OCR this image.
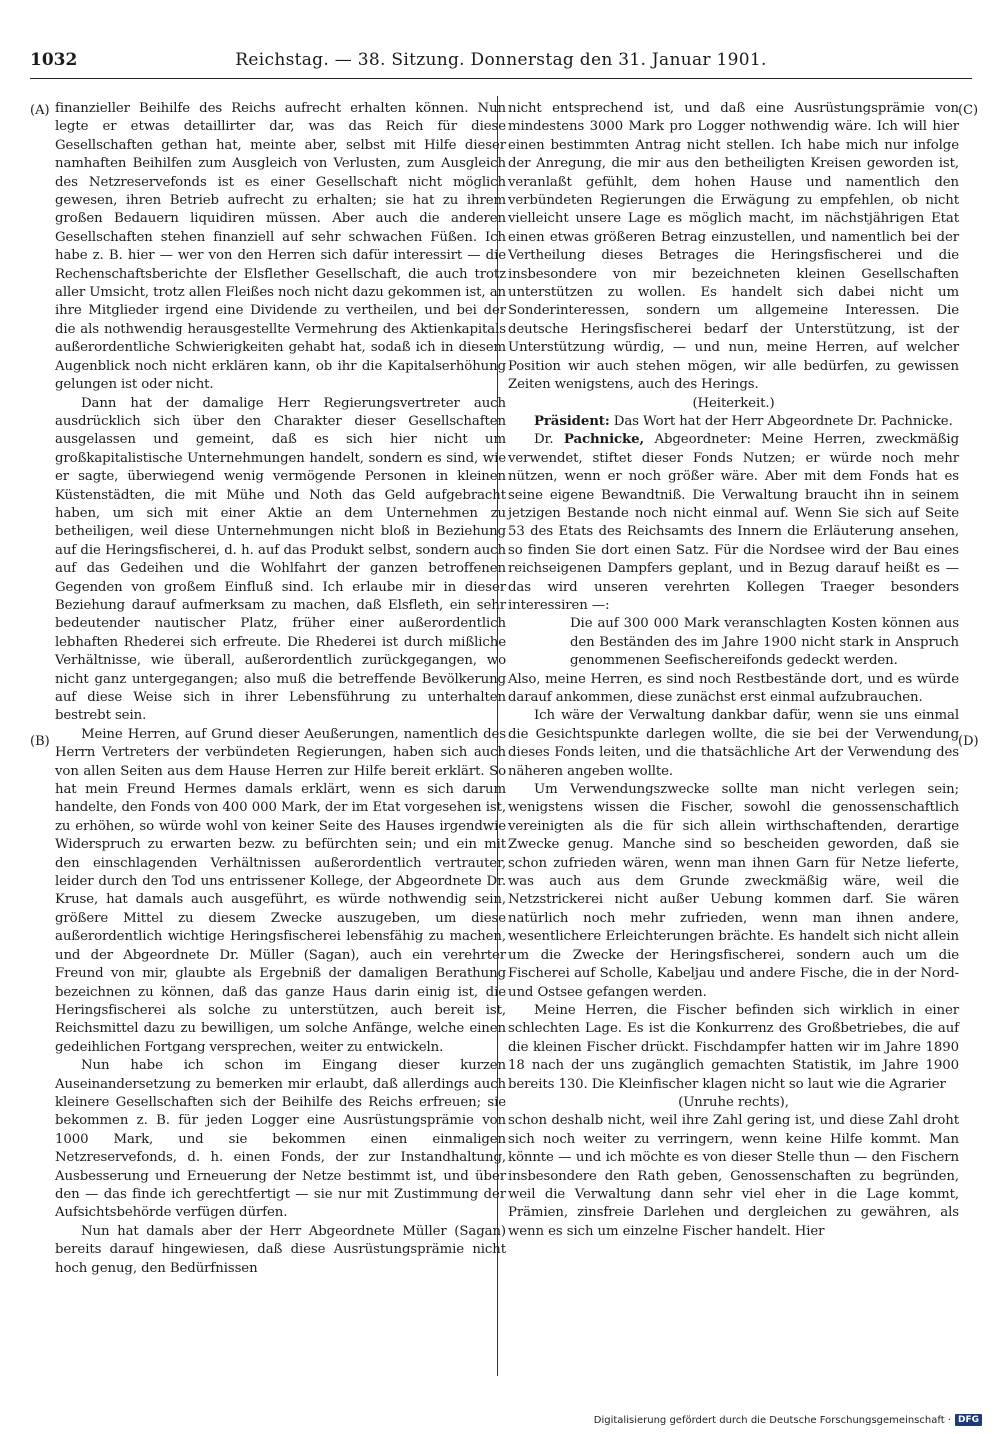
1032	Reichstag. — 38. Sitzung. Donnerstag den 31. Januar 1901.
(A)
(B)
(C)
(D)

finanzieller Beihilfe des Reichs aufrecht erhalten können. Nun legte er etwas detaillirter dar, was das Reich für diese Gesellschaften gethan hat, meinte aber, selbst mit Hilfe dieser namhaften Beihilfen zum Ausgleich von Verlusten, zum Ausgleich des Netzreservefonds ist es einer Gesellschaft nicht möglich gewesen, ihren Betrieb aufrecht zu erhalten; sie hat zu ihrem großen Bedauern liquidiren müssen. Aber auch die anderen Gesellschaften stehen finanziell auf sehr schwachen Füßen. Ich habe z. B. hier — wer von den Herren sich dafür interessirt — die Rechenschaftsberichte der Elsflether Gesellschaft, die auch trotz aller Umsicht, trotz allen Fleißes noch nicht dazu gekommen ist, an ihre Mitglieder irgend eine Dividende zu vertheilen, und bei der die als nothwendig herausgestellte Vermehrung des Aktienkapitals außerordentliche Schwierigkeiten gehabt hat, sodaß ich in diesem Augenblick noch nicht erklären kann, ob ihr die Kapitalserhöhung gelungen ist oder nicht.

Dann hat der damalige Herr Regierungsvertreter auch ausdrücklich sich über den Charakter dieser Gesellschaften ausgelassen und gemeint, daß es sich hier nicht um großkapitalistische Unternehmungen handelt, sondern es sind, wie er sagte, überwiegend wenig vermögende Personen in kleinen Küstenstädten, die mit Mühe und Noth das Geld aufgebracht haben, um sich mit einer Aktie an dem Unternehmen zu betheiligen, weil diese Unternehmungen nicht bloß in Beziehung auf die Heringsfischerei, d. h. auf das Produkt selbst, sondern auch auf das Gedeihen und die Wohlfahrt der ganzen betroffenen Gegenden von großem Einfluß sind. Ich erlaube mir in dieser Beziehung darauf aufmerksam zu machen, daß Elsfleth, ein sehr bedeutender nautischer Platz, früher einer außerordentlich lebhaften Rhederei sich erfreute. Die Rhederei ist durch mißliche Verhältnisse, wie überall, außerordentlich zurückgegangen, wo nicht ganz untergegangen; also muß die betreffende Bevölkerung auf diese Weise sich in ihrer Lebensführung zu unterhalten bestrebt sein.

Meine Herren, auf Grund dieser Aeußerungen, namentlich des Herrn Vertreters der verbündeten Regierungen, haben sich auch von allen Seiten aus dem Hause Herren zur Hilfe bereit erklärt. So hat mein Freund Hermes damals erklärt, wenn es sich darum handelte, den Fonds von 400 000 Mark, der im Etat vorgesehen ist, zu erhöhen, so würde wohl von keiner Seite des Hauses irgendwie Widerspruch zu erwarten bezw. zu befürchten sein; und ein mit den einschlagenden Verhältnissen außerordentlich vertrauter, leider durch den Tod uns entrissener Kollege, der Abgeordnete Dr. Kruse, hat damals auch ausgeführt, es würde nothwendig sein, größere Mittel zu diesem Zwecke auszugeben, um diese außerordentlich wichtige Heringsfischerei lebensfähig zu machen, und der Abgeordnete Dr. Müller (Sagan), auch ein verehrter Freund von mir, glaubte als Ergebniß der damaligen Berathung bezeichnen zu können, daß das ganze Haus darin einig ist, die Heringsfischerei als solche zu unterstützen, auch bereit ist, Reichsmittel dazu zu bewilligen, um solche Anfänge, welche einen gedeihlichen Fortgang versprechen, weiter zu entwickeln.

Nun habe ich schon im Eingang dieser kurzen Auseinandersetzung zu bemerken mir erlaubt, daß allerdings auch kleinere Gesellschaften sich der Beihilfe des Reichs erfreuen; sie bekommen z. B. für jeden Logger eine Ausrüstungsprämie von 1000 Mark, und sie bekommen einen einmaligen Netzreservefonds, d. h. einen Fonds, der zur Instandhaltung, Ausbesserung und Erneuerung der Netze bestimmt ist, und über den — das finde ich gerechtfertigt — sie nur mit Zustimmung der Aufsichtsbehörde verfügen dürfen.

Nun hat damals aber der Herr Abgeordnete Müller (Sagan) bereits darauf hingewiesen, daß diese Ausrüstungsprämie nicht hoch genug, den Bedürfnissen

nicht entsprechend ist, und daß eine Ausrüstungsprämie von mindestens 3000 Mark pro Logger nothwendig wäre. Ich will hier einen bestimmten Antrag nicht stellen. Ich habe mich nur infolge der Anregung, die mir aus den betheiligten Kreisen geworden ist, veranlaßt gefühlt, dem hohen Hause und namentlich den verbündeten Regierungen die Erwägung zu empfehlen, ob nicht vielleicht unsere Lage es möglich macht, im nächstjährigen Etat einen etwas größeren Betrag einzustellen, und namentlich bei der Vertheilung dieses Betrages die Heringsfischerei und die insbesondere von mir bezeichneten kleinen Gesellschaften unterstützen zu wollen. Es handelt sich dabei nicht um Sonderinteressen, sondern um allgemeine Interessen. Die deutsche Heringsfischerei bedarf der Unterstützung, ist der Unterstützung würdig, — und nun, meine Herren, auf welcher Position wir auch stehen mögen, wir alle bedürfen, zu gewissen Zeiten wenigstens, auch des Herings.

(Heiterkeit.)

Präsident: Das Wort hat der Herr Abgeordnete Dr. Pachnicke.

Dr. Pachnicke, Abgeordneter: Meine Herren, zweckmäßig verwendet, stiftet dieser Fonds Nutzen; er würde noch mehr nützen, wenn er noch größer wäre. Aber mit dem Fonds hat es seine eigene Bewandtniß. Die Verwaltung braucht ihn in seinem jetzigen Bestande noch nicht einmal auf. Wenn Sie sich auf Seite 53 des Etats des Reichsamts des Innern die Erläuterung ansehen, so finden Sie dort einen Satz. Für die Nordsee wird der Bau eines reichseigenen Dampfers geplant, und in Bezug darauf heißt es — das wird unseren verehrten Kollegen Traeger besonders interessiren —:

Die auf 300 000 Mark veranschlagten Kosten können aus den Beständen des im Jahre 1900 nicht stark in Anspruch genommenen Seefischereifonds gedeckt werden.

Also, meine Herren, es sind noch Restbestände dort, und es würde darauf ankommen, diese zunächst erst einmal aufzubrauchen.

Ich wäre der Verwaltung dankbar dafür, wenn sie uns einmal die Gesichtspunkte darlegen wollte, die sie bei der Verwendung dieses Fonds leiten, und die thatsächliche Art der Verwendung des näheren angeben wollte.

Um Verwendungszwecke sollte man nicht verlegen sein; wenigstens wissen die Fischer, sowohl die genossenschaftlich vereinigten als die für sich allein wirthschaftenden, derartige Zwecke genug. Manche sind so bescheiden geworden, daß sie schon zufrieden wären, wenn man ihnen Garn für Netze lieferte, was auch aus dem Grunde zweckmäßig wäre, weil die Netzstrickerei nicht außer Uebung kommen darf. Sie wären natürlich noch mehr zufrieden, wenn man ihnen andere, wesentlichere Erleichterungen brächte. Es handelt sich nicht allein um die Zwecke der Heringsfischerei, sondern auch um die Fischerei auf Scholle, Kabeljau und andere Fische, die in der Nord- und Ostsee gefangen werden.

Meine Herren, die Fischer befinden sich wirklich in einer schlechten Lage. Es ist die Konkurrenz des Großbetriebes, die auf die kleinen Fischer drückt. Fischdampfer hatten wir im Jahre 1890 18 nach der uns zugänglich gemachten Statistik, im Jahre 1900 bereits 130. Die Kleinfischer klagen nicht so laut wie die Agrarier

(Unruhe rechts),

schon deshalb nicht, weil ihre Zahl gering ist, und diese Zahl droht sich noch weiter zu verringern, wenn keine Hilfe kommt. Man könnte — und ich möchte es von dieser Stelle thun — den Fischern insbesondere den Rath geben, Genossenschaften zu begründen, weil die Verwaltung dann sehr viel eher in die Lage kommt, Prämien, zinsfreie Darlehen und dergleichen zu gewähren, als wenn es sich um einzelne Fischer handelt. Hier

Digitalisierung gefördert durch die Deutsche Forschungsgemeinschaft · DFG
